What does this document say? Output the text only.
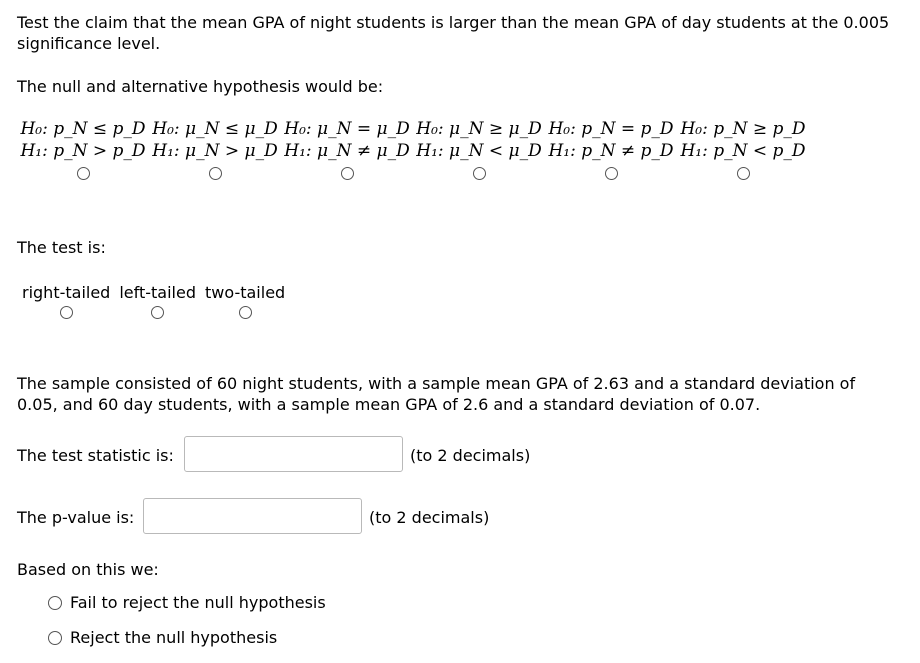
Test the claim that the mean GPA of night students is larger than the mean GPA of day students at the 0.005 significance level.
The null and alternative hypothesis would be:
H₀: p_N ≤ p_D
H₁: p_N > p_D
H₀: μ_N ≤ μ_D
H₁: μ_N > μ_D
H₀: μ_N = μ_D
H₁: μ_N ≠ μ_D
H₀: μ_N ≥ μ_D
H₁: μ_N < μ_D
H₀: p_N = p_D
H₁: p_N ≠ p_D
H₀: p_N ≥ p_D
H₁: p_N < p_D
The test is:
right-tailed left-tailed two-tailed
The sample consisted of 60 night students, with a sample mean GPA of 2.63 and a standard deviation of 0.05, and 60 day students, with a sample mean GPA of 2.6 and a standard deviation of 0.07.
The test statistic is:	(to 2 decimals)
The p-value is:	(to 2 decimals)
Based on this we:
Fail to reject the null hypothesis
Reject the null hypothesis
